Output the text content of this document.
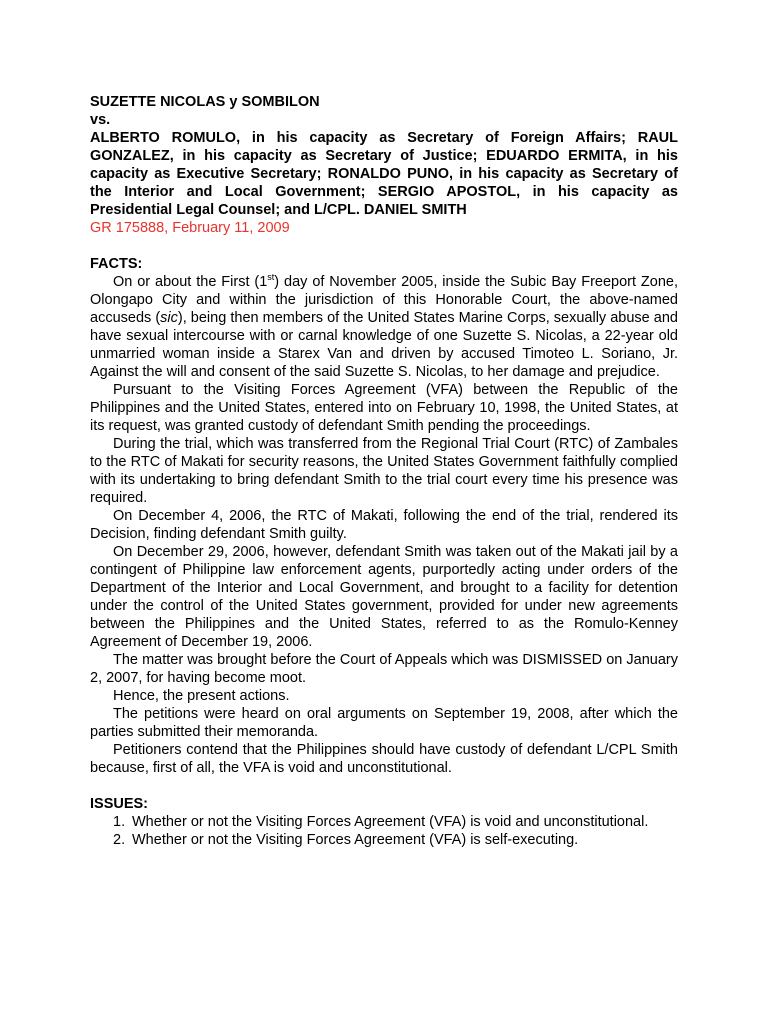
SUZETTE NICOLAS y SOMBILON

vs.

ALBERTO ROMULO, in his capacity as Secretary of Foreign Affairs; RAUL GONZALEZ, in his capacity as Secretary of Justice; EDUARDO ERMITA, in his capacity as Executive Secretary; RONALDO PUNO, in his capacity as Secretary of the Interior and Local Government; SERGIO APOSTOL, in his capacity as Presidential Legal Counsel; and L/CPL. DANIEL SMITH

GR 175888, February 11, 2009

FACTS:

On or about the First (1st) day of November 2005, inside the Subic Bay Freeport Zone, Olongapo City and within the jurisdiction of this Honorable Court, the above-named accuseds (sic), being then members of the United States Marine Corps, sexually abuse and have sexual intercourse with or carnal knowledge of one Suzette S. Nicolas, a 22-year old unmarried woman inside a Starex Van and driven by accused Timoteo L. Soriano, Jr. Against the will and consent of the said Suzette S. Nicolas, to her damage and prejudice.

Pursuant to the Visiting Forces Agreement (VFA) between the Republic of the Philippines and the United States, entered into on February 10, 1998, the United States, at its request, was granted custody of defendant Smith pending the proceedings.

During the trial, which was transferred from the Regional Trial Court (RTC) of Zambales to the RTC of Makati for security reasons, the United States Government faithfully complied with its undertaking to bring defendant Smith to the trial court every time his presence was required.

On December 4, 2006, the RTC of Makati, following the end of the trial, rendered its Decision, finding defendant Smith guilty.

On December 29, 2006, however, defendant Smith was taken out of the Makati jail by a contingent of Philippine law enforcement agents, purportedly acting under orders of the Department of the Interior and Local Government, and brought to a facility for detention under the control of the United States government, provided for under new agreements between the Philippines and the United States, referred to as the Romulo-Kenney Agreement of December 19, 2006.

The matter was brought before the Court of Appeals which was DISMISSED on January 2, 2007, for having become moot.

Hence, the present actions.

The petitions were heard on oral arguments on September 19, 2008, after which the parties submitted their memoranda.

Petitioners contend that the Philippines should have custody of defendant L/CPL Smith because, first of all, the VFA is void and unconstitutional.

ISSUES:

1. Whether or not the Visiting Forces Agreement (VFA) is void and unconstitutional.
2. Whether or not the Visiting Forces Agreement (VFA) is self-executing.
